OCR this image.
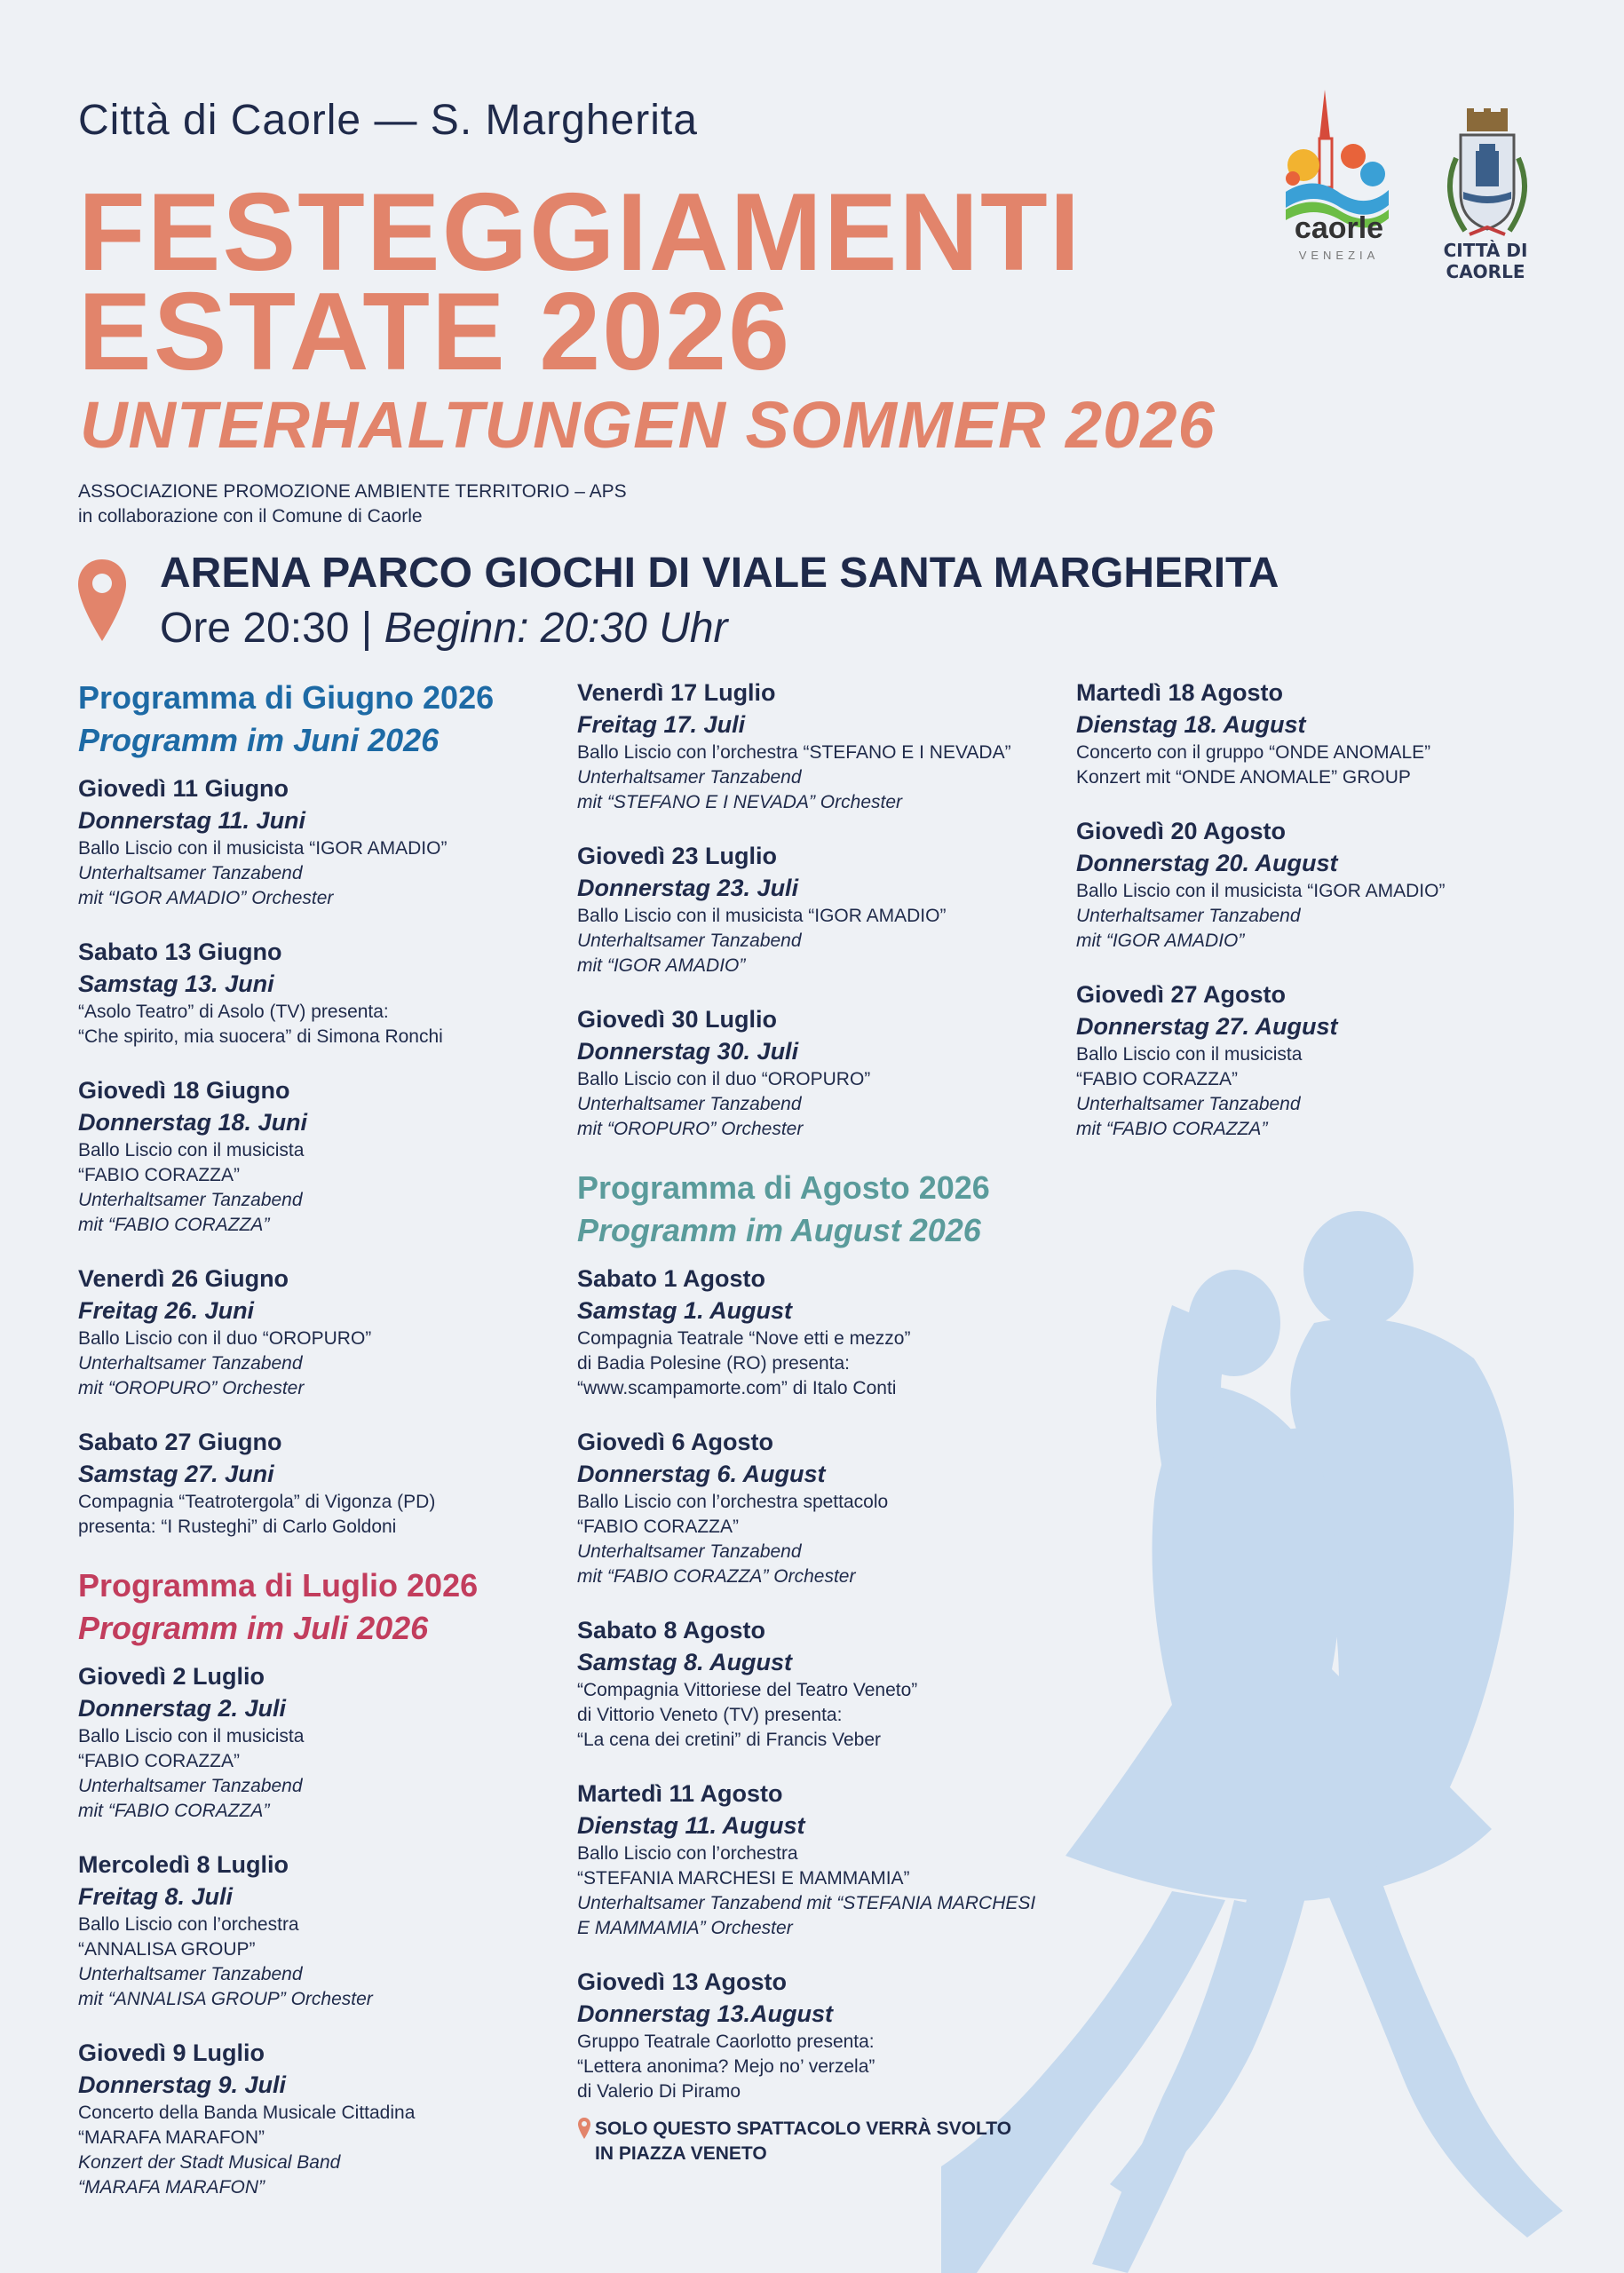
Città di Caorle — S. Margherita
FESTEGGIAMENTI
ESTATE 2026
UNTERHALTUNGEN SOMMER 2026
ASSOCIAZIONE PROMOZIONE AMBIENTE TERRITORIO – APS
in collaborazione con il Comune di Caorle
caorle
VENEZIA	CITTÀ DI CAORLE
ARENA PARCO GIOCHI DI VIALE SANTA MARGHERITA
Ore 20:30 | Beginn: 20:30 Uhr
Programma di Giugno 2026
Programm im Juni 2026
Giovedì 11 Giugno
Donnerstag 11. Juni
Ballo Liscio con il musicista “IGOR AMADIO”
Unterhaltsamer Tanzabend
mit “IGOR AMADIO” Orchester
Sabato 13 Giugno
Samstag 13. Juni
“Asolo Teatro” di Asolo (TV) presenta:
“Che spirito, mia suocera” di Simona Ronchi
Giovedì 18 Giugno
Donnerstag 18. Juni
Ballo Liscio con il musicista
“FABIO CORAZZA”
Unterhaltsamer Tanzabend
mit “FABIO CORAZZA”
Venerdì 26 Giugno
Freitag 26. Juni
Ballo Liscio con il duo “OROPURO”
Unterhaltsamer Tanzabend
mit “OROPURO” Orchester
Sabato 27 Giugno
Samstag 27. Juni
Compagnia “Teatrotergola” di Vigonza (PD)
presenta: “I Rusteghi” di Carlo Goldoni
Programma di Luglio 2026
Programm im Juli 2026
Giovedì 2 Luglio
Donnerstag 2. Juli
Ballo Liscio con il musicista
“FABIO CORAZZA”
Unterhaltsamer Tanzabend
mit “FABIO CORAZZA”
Mercoledì 8 Luglio
Freitag 8. Juli
Ballo Liscio con l’orchestra
“ANNALISA GROUP”
Unterhaltsamer Tanzabend
mit “ANNALISA GROUP” Orchester
Giovedì 9 Luglio
Donnerstag 9. Juli
Concerto della Banda Musicale Cittadina
“MARAFA MARAFON”
Konzert der Stadt Musical Band
“MARAFA MARAFON”
Venerdì 17 Luglio
Freitag 17. Juli
Ballo Liscio con l’orchestra “STEFANO E I NEVADA”
Unterhaltsamer Tanzabend
mit “STEFANO E I NEVADA” Orchester
Giovedì 23 Luglio
Donnerstag 23. Juli
Ballo Liscio con il musicista “IGOR AMADIO”
Unterhaltsamer Tanzabend
mit “IGOR AMADIO”
Giovedì 30 Luglio
Donnerstag 30. Juli
Ballo Liscio con il duo “OROPURO”
Unterhaltsamer Tanzabend
mit “OROPURO” Orchester
Programma di Agosto 2026
Programm im August 2026
Sabato 1 Agosto
Samstag 1. August
Compagnia Teatrale “Nove etti e mezzo”
di Badia Polesine (RO) presenta:
“www.scampamorte.com” di Italo Conti
Giovedì 6 Agosto
Donnerstag 6. August
Ballo Liscio con l’orchestra spettacolo
“FABIO CORAZZA”
Unterhaltsamer Tanzabend
mit “FABIO CORAZZA” Orchester
Sabato 8 Agosto
Samstag 8. August
“Compagnia Vittoriese del Teatro Veneto”
di Vittorio Veneto (TV) presenta:
“La cena dei cretini” di Francis Veber
Martedì 11 Agosto
Dienstag 11. August
Ballo Liscio con l’orchestra
“STEFANIA MARCHESI E MAMMAMIA”
Unterhaltsamer Tanzabend mit “STEFANIA MARCHESI
E MAMMAMIA” Orchester
Giovedì 13 Agosto
Donnerstag 13.August
Gruppo Teatrale Caorlotto presenta:
“Lettera anonima? Mejo no’ verzela”
di Valerio Di Piramo
SOLO QUESTO SPATTACOLO VERRÀ SVOLTO
IN PIAZZA VENETO
Martedì 18 Agosto
Dienstag 18. August
Concerto con il gruppo “ONDE ANOMALE”
Konzert mit “ONDE ANOMALE” GROUP
Giovedì 20 Agosto
Donnerstag 20. August
Ballo Liscio con il musicista “IGOR AMADIO”
Unterhaltsamer Tanzabend
mit “IGOR AMADIO”
Giovedì 27 Agosto
Donnerstag 27. August
Ballo Liscio con il musicista
“FABIO CORAZZA”
Unterhaltsamer Tanzabend
mit “FABIO CORAZZA”
